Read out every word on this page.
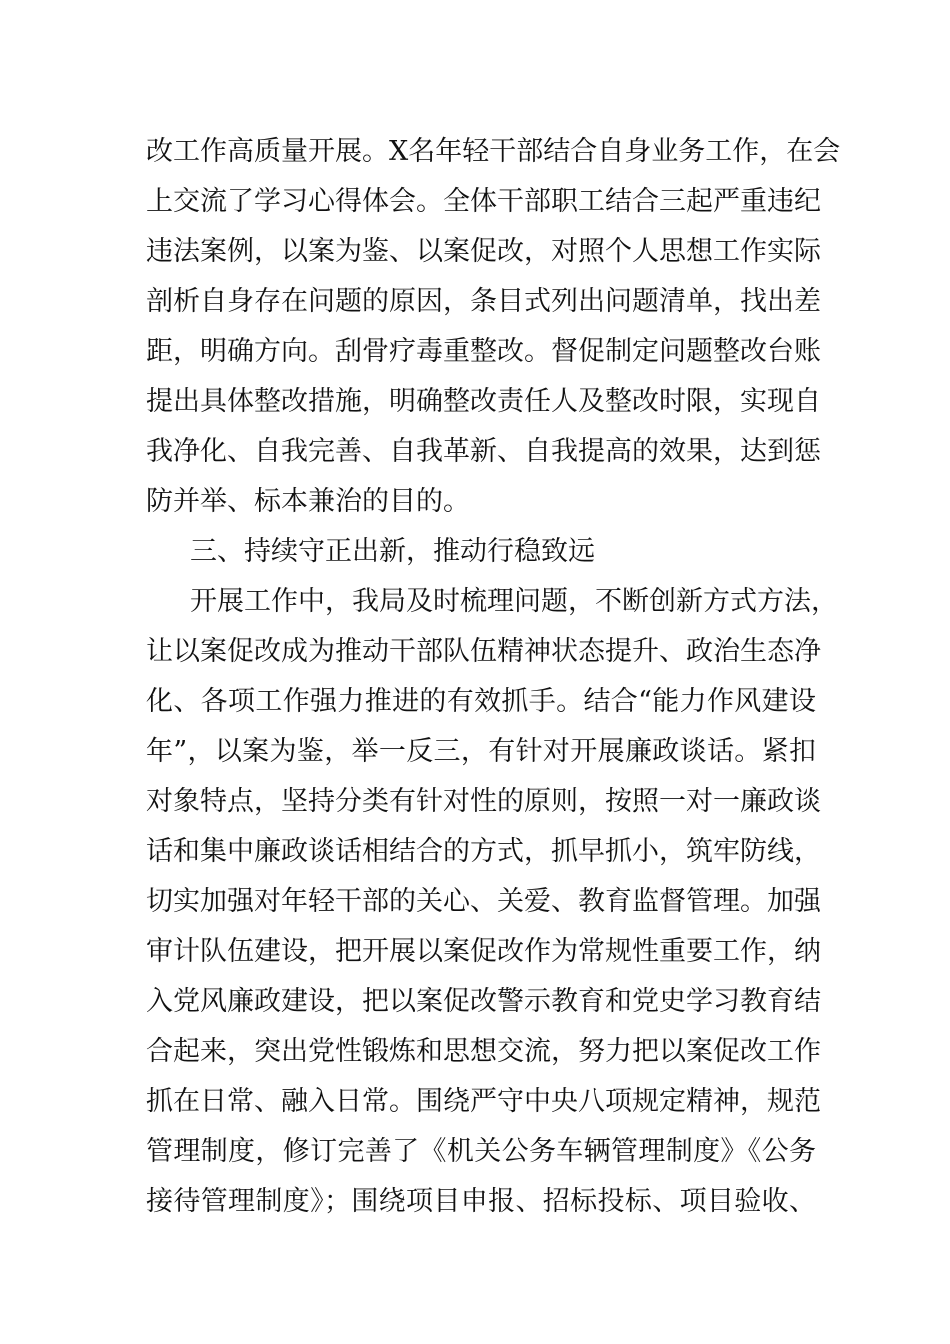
改工作高质量开展。X名年轻干部结合自身业务工作，在会
上交流了学习心得体会。全体干部职工结合三起严重违纪
违法案例，以案为鉴、以案促改，对照个人思想工作实际
剖析自身存在问题的原因，条目式列出问题清单，找出差
距，明确方向。刮骨疗毒重整改。督促制定问题整改台账
提出具体整改措施，明确整改责任人及整改时限，实现自
我净化、自我完善、自我革新、自我提高的效果，达到惩
防并举、标本兼治的目的。
三、持续守正出新，推动行稳致远
开展工作中，我局及时梳理问题，不断创新方式方法，
让以案促改成为推动干部队伍精神状态提升、政治生态净
化、各项工作强力推进的有效抓手。结合“能力作风建设
年”，以案为鉴，举一反三，有针对开展廉政谈话。紧扣
对象特点，坚持分类有针对性的原则，按照一对一廉政谈
话和集中廉政谈话相结合的方式，抓早抓小，筑牢防线，
切实加强对年轻干部的关心、关爱、教育监督管理。加强
审计队伍建设，把开展以案促改作为常规性重要工作，纳
入党风廉政建设，把以案促改警示教育和党史学习教育结
合起来，突出党性锻炼和思想交流，努力把以案促改工作
抓在日常、融入日常。围绕严守中央八项规定精神，规范
管理制度，修订完善了《机关公务车辆管理制度》《公务
接待管理制度》；围绕项目申报、招标投标、项目验收、
